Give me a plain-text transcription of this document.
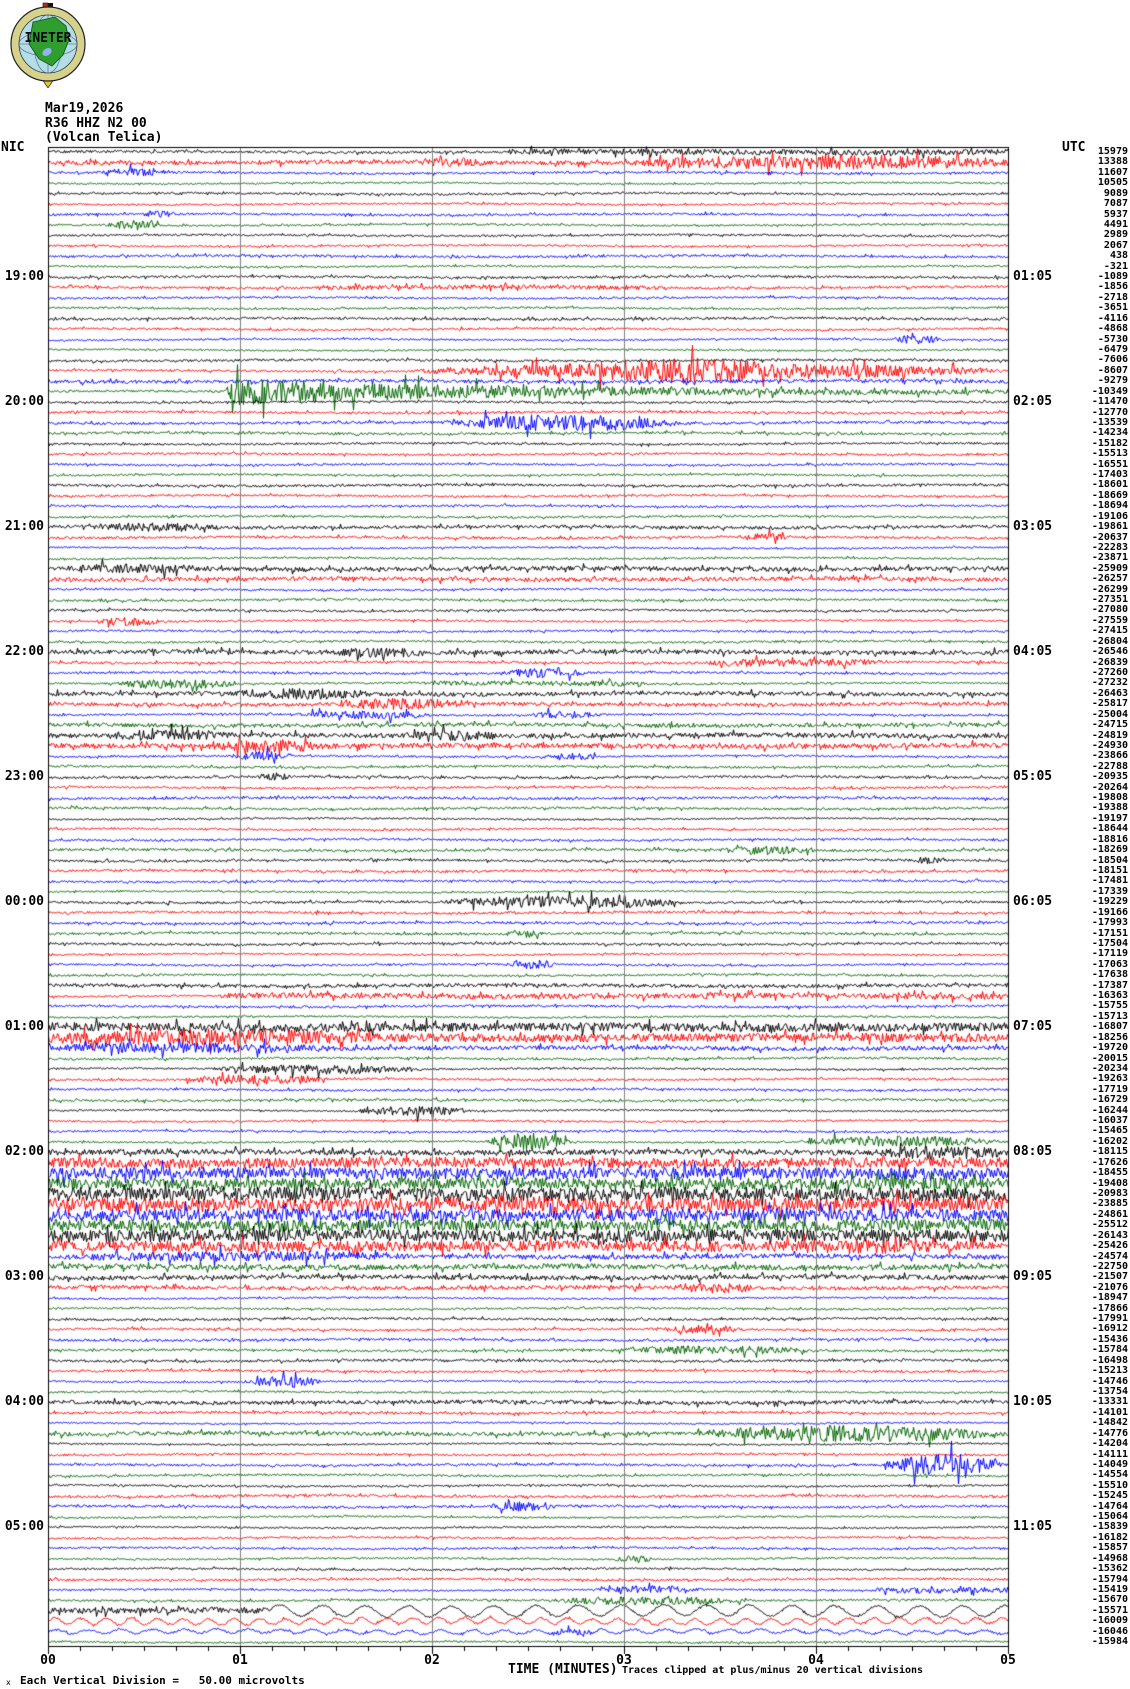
INETER
Mar19,2026
R36 HHZ N2 00
(Volcan Telica)
NIC	UTC
19:00
20:00
21:00
22:00
23:00
00:00
01:00
02:00
03:00
04:00
05:00
01:05
02:05
03:05
04:05
05:05
06:05
07:05
08:05
09:05
10:05
11:05
15979
13388
11607
10505
9089
7087
5937
4491
2989
2067
438
-321
-1089
-1856
-2718
-3651
-4116
-4868
-5730
-6479
-7606
-8607
-9279
-10349
-11470
-12770
-13539
-14234
-15182
-15513
-16551
-17403
-18601
-18669
-18694
-19106
-19861
-20637
-22283
-23871
-25909
-26257
-26299
-27351
-27080
-27559
-27415
-26804
-26546
-26839
-27260
-27232
-26463
-25817
-25004
-24715
-24819
-24930
-23866
-22788
-20935
-20264
-19808
-19388
-19197
-18644
-18816
-18269
-18504
-18151
-17481
-17339
-19229
-19166
-17993
-17151
-17504
-17119
-17063
-17638
-17387
-16363
-15755
-15713
-16807
-18256
-19720
-20015
-20234
-19263
-17719
-16729
-16244
-16037
-15465
-16202
-18115
-17626
-18455
-19408
-20983
-23885
-24861
-25512
-26143
-25426
-24574
-22750
-21507
-21076
-18947
-17866
-17991
-16912
-15436
-15784
-16498
-15213
-14746
-13754
-13331
-14101
-14842
-14776
-14204
-14111
-14049
-14554
-15510
-15245
-14764
-15064
-15839
-16182
-15857
-14968
-15362
-15794
-15419
-15670
-15571
-16009
-16046
-15984
00	01	02	03	04	05
x Each Vertical Division =   50.00 microvolts
TIME (MINUTES) Traces clipped at plus/minus 20 vertical divisions
